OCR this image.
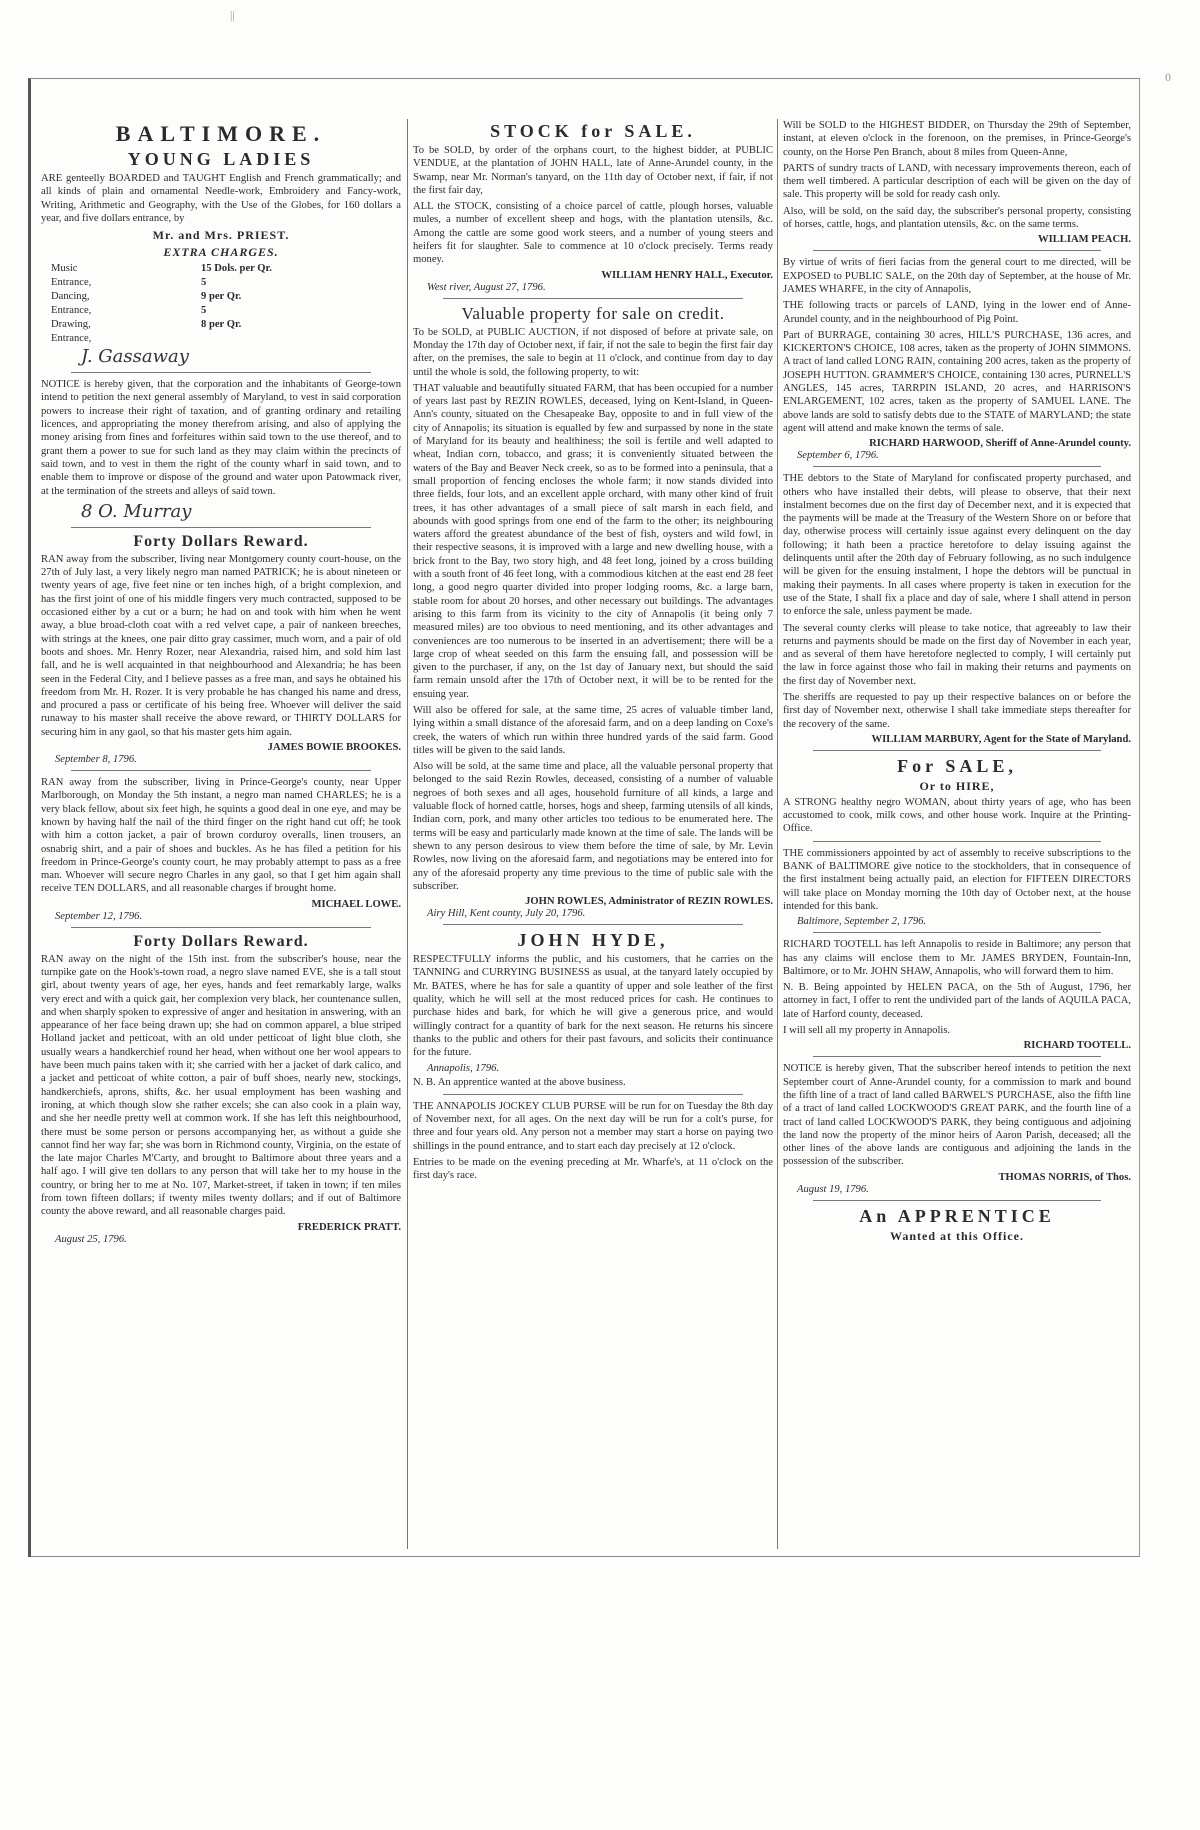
||
0
BALTIMORE.
YOUNG LADIES

ARE genteelly BOARDED and TAUGHT English and French grammatically; and all kinds of plain and ornamental Needle-work, Embroidery and Fancy-work, Writing, Arithmetic and Geography, with the Use of the Globes, for 160 dollars a year, and five dollars entrance, by

Mr. and Mrs. PRIEST.
EXTRA CHARGES.
Music	15 Dols. per Qr.
Entrance,	5
Dancing,	9 per Qr.
Entrance,	5
Drawing,	8 per Qr.
Entrance,
J. Gassaway

NOTICE is hereby given, that the corporation and the inhabitants of George-town intend to petition the next general assembly of Maryland, to vest in said corporation powers to increase their right of taxation, and of granting ordinary and retailing licences, and appropriating the money therefrom arising, and also of applying the money arising from fines and forfeitures within said town to the use thereof, and to grant them a power to sue for such land as they may claim within the precincts of said town, and to vest in them the right of the county wharf in said town, and to enable them to improve or dispose of the ground and water upon Patowmack river, at the termination of the streets and alleys of said town.

8 O. Murray
Forty Dollars Reward.

RAN away from the subscriber, living near Montgomery county court-house, on the 27th of July last, a very likely negro man named PATRICK; he is about nineteen or twenty years of age, five feet nine or ten inches high, of a bright complexion, and has the first joint of one of his middle fingers very much contracted, supposed to be occasioned either by a cut or a burn; he had on and took with him when he went away, a blue broad-cloth coat with a red velvet cape, a pair of nankeen breeches, with strings at the knees, one pair ditto gray cassimer, much worn, and a pair of old boots and shoes. Mr. Henry Rozer, near Alexandria, raised him, and sold him last fall, and he is well acquainted in that neighbourhood and Alexandria; he has been seen in the Federal City, and I believe passes as a free man, and says he obtained his freedom from Mr. H. Rozer. It is very probable he has changed his name and dress, and procured a pass or certificate of his being free. Whoever will deliver the said runaway to his master shall receive the above reward, or THIRTY DOLLARS for securing him in any gaol, so that his master gets him again.

JAMES BOWIE BROOKES.
September 8, 1796.

RAN away from the subscriber, living in Prince-George's county, near Upper Marlborough, on Monday the 5th instant, a negro man named CHARLES; he is a very black fellow, about six feet high, he squints a good deal in one eye, and may be known by having half the nail of the third finger on the right hand cut off; he took with him a cotton jacket, a pair of brown corduroy overalls, linen trousers, an osnabrig shirt, and a pair of shoes and buckles. As he has filed a petition for his freedom in Prince-George's county court, he may probably attempt to pass as a free man. Whoever will secure negro Charles in any gaol, so that I get him again shall receive TEN DOLLARS, and all reasonable charges if brought home.

MICHAEL LOWE.
September 12, 1796.
Forty Dollars Reward.

RAN away on the night of the 15th inst. from the subscriber's house, near the turnpike gate on the Hook's-town road, a negro slave named EVE, she is a tall stout girl, about twenty years of age, her eyes, hands and feet remarkably large, walks very erect and with a quick gait, her complexion very black, her countenance sullen, and when sharply spoken to expressive of anger and hesitation in answering, with an appearance of her face being drawn up; she had on common apparel, a blue striped Holland jacket and petticoat, with an old under petticoat of light blue cloth, she usually wears a handkerchief round her head, when without one her wool appears to have been much pains taken with it; she carried with her a jacket of dark calico, and a jacket and petticoat of white cotton, a pair of buff shoes, nearly new, stockings, handkerchiefs, aprons, shifts, &c. her usual employment has been washing and ironing, at which though slow she rather excels; she can also cook in a plain way, and she her needle pretty well at common work. If she has left this neighbourhood, there must be some person or persons accompanying her, as without a guide she cannot find her way far; she was born in Richmond county, Virginia, on the estate of the late major Charles M'Carty, and brought to Baltimore about three years and a half ago. I will give ten dollars to any person that will take her to my house in the country, or bring her to me at No. 107, Market-street, if taken in town; if ten miles from town fifteen dollars; if twenty miles twenty dollars; and if out of Baltimore county the above reward, and all reasonable charges paid.

FREDERICK PRATT.
August 25, 1796.
STOCK for SALE.

To be SOLD, by order of the orphans court, to the highest bidder, at PUBLIC VENDUE, at the plantation of JOHN HALL, late of Anne-Arundel county, in the Swamp, near Mr. Norman's tanyard, on the 11th day of October next, if fair, if not the first fair day,

ALL the STOCK, consisting of a choice parcel of cattle, plough horses, valuable mules, a number of excellent sheep and hogs, with the plantation utensils, &c. Among the cattle are some good work steers, and a number of young steers and heifers fit for slaughter. Sale to commence at 10 o'clock precisely. Terms ready money.

WILLIAM HENRY HALL, Executor.
West river, August 27, 1796.
Valuable property for sale on credit.

To be SOLD, at PUBLIC AUCTION, if not disposed of before at private sale, on Monday the 17th day of October next, if fair, if not the sale to begin the first fair day after, on the premises, the sale to begin at 11 o'clock, and continue from day to day until the whole is sold, the following property, to wit:

THAT valuable and beautifully situated FARM, that has been occupied for a number of years last past by REZIN ROWLES, deceased, lying on Kent-Island, in Queen-Ann's county, situated on the Chesapeake Bay, opposite to and in full view of the city of Annapolis; its situation is equalled by few and surpassed by none in the state of Maryland for its beauty and healthiness; the soil is fertile and well adapted to wheat, Indian corn, tobacco, and grass; it is conveniently situated between the waters of the Bay and Beaver Neck creek, so as to be formed into a peninsula, that a small proportion of fencing encloses the whole farm; it now stands divided into three fields, four lots, and an excellent apple orchard, with many other kind of fruit trees, it has other advantages of a small piece of salt marsh in each field, and abounds with good springs from one end of the farm to the other; its neighbouring waters afford the greatest abundance of the best of fish, oysters and wild fowl, in their respective seasons, it is improved with a large and new dwelling house, with a brick front to the Bay, two story high, and 48 feet long, joined by a cross building with a south front of 46 feet long, with a commodious kitchen at the east end 28 feet long, a good negro quarter divided into proper lodging rooms, &c. a large barn, stable room for about 20 horses, and other necessary out buildings. The advantages arising to this farm from its vicinity to the city of Annapolis (it being only 7 measured miles) are too obvious to need mentioning, and its other advantages and conveniences are too numerous to be inserted in an advertisement; there will be a large crop of wheat seeded on this farm the ensuing fall, and possession will be given to the purchaser, if any, on the 1st day of January next, but should the said farm remain unsold after the 17th of October next, it will be to be rented for the ensuing year.

Will also be offered for sale, at the same time, 25 acres of valuable timber land, lying within a small distance of the aforesaid farm, and on a deep landing on Coxe's creek, the waters of which run within three hundred yards of the said farm. Good titles will be given to the said lands.

Also will be sold, at the same time and place, all the valuable personal property that belonged to the said Rezin Rowles, deceased, consisting of a number of valuable negroes of both sexes and all ages, household furniture of all kinds, a large and valuable flock of horned cattle, horses, hogs and sheep, farming utensils of all kinds, Indian corn, pork, and many other articles too tedious to be enumerated here. The terms will be easy and particularly made known at the time of sale. The lands will be shewn to any person desirous to view them before the time of sale, by Mr. Levin Rowles, now living on the aforesaid farm, and negotiations may be entered into for any of the aforesaid property any time previous to the time of public sale with the subscriber.

JOHN ROWLES, Administrator of REZIN ROWLES.
Airy Hill, Kent county, July 20, 1796.
JOHN HYDE,

RESPECTFULLY informs the public, and his customers, that he carries on the TANNING and CURRYING BUSINESS as usual, at the tanyard lately occupied by Mr. BATES, where he has for sale a quantity of upper and sole leather of the first quality, which he will sell at the most reduced prices for cash. He continues to purchase hides and bark, for which he will give a generous price, and would willingly contract for a quantity of bark for the next season. He returns his sincere thanks to the public and others for their past favours, and solicits their continuance for the future.

Annapolis, 1796.

N. B. An apprentice wanted at the above business.

THE ANNAPOLIS JOCKEY CLUB PURSE will be run for on Tuesday the 8th day of November next, for all ages. On the next day will be run for a colt's purse, for three and four years old. Any person not a member may start a horse on paying two shillings in the pound entrance, and to start each day precisely at 12 o'clock.

Entries to be made on the evening preceding at Mr. Wharfe's, at 11 o'clock on the first day's race.

Will be SOLD to the HIGHEST BIDDER, on Thursday the 29th of September, instant, at eleven o'clock in the forenoon, on the premises, in Prince-George's county, on the Horse Pen Branch, about 8 miles from Queen-Anne,

PARTS of sundry tracts of LAND, with necessary improvements thereon, each of them well timbered. A particular description of each will be given on the day of sale. This property will be sold for ready cash only.

Also, will be sold, on the said day, the subscriber's personal property, consisting of horses, cattle, hogs, and plantation utensils, &c. on the same terms.

WILLIAM PEACH.

By virtue of writs of fieri facias from the general court to me directed, will be EXPOSED to PUBLIC SALE, on the 20th day of September, at the house of Mr. JAMES WHARFE, in the city of Annapolis,

THE following tracts or parcels of LAND, lying in the lower end of Anne-Arundel county, and in the neighbourhood of Pig Point.

Part of BURRAGE, containing 30 acres, HILL'S PURCHASE, 136 acres, and KICKERTON'S CHOICE, 108 acres, taken as the property of JOHN SIMMONS. A tract of land called LONG RAIN, containing 200 acres, taken as the property of JOSEPH HUTTON. GRAMMER'S CHOICE, containing 130 acres, PURNELL'S ANGLES, 145 acres, TARRPIN ISLAND, 20 acres, and HARRISON'S ENLARGEMENT, 102 acres, taken as the property of SAMUEL LANE. The above lands are sold to satisfy debts due to the STATE of MARYLAND; the state agent will attend and make known the terms of sale.

RICHARD HARWOOD, Sheriff of Anne-Arundel county.
September 6, 1796.

THE debtors to the State of Maryland for confiscated property purchased, and others who have installed their debts, will please to observe, that their next instalment becomes due on the first day of December next, and it is expected that the payments will be made at the Treasury of the Western Shore on or before that day, otherwise process will certainly issue against every delinquent on the day following; it hath been a practice heretofore to delay issuing against the delinquents until after the 20th day of February following, as no such indulgence will be given for the ensuing instalment, I hope the debtors will be punctual in making their payments. In all cases where property is taken in execution for the use of the State, I shall fix a place and day of sale, where I shall attend in person to enforce the sale, unless payment be made.

The several county clerks will please to take notice, that agreeably to law their returns and payments should be made on the first day of November in each year, and as several of them have heretofore neglected to comply, I will certainly put the law in force against those who fail in making their returns and payments on the first day of November next.

The sheriffs are requested to pay up their respective balances on or before the first day of November next, otherwise I shall take immediate steps thereafter for the recovery of the same.

WILLIAM MARBURY, Agent for the State of Maryland.
For SALE,
Or to HIRE,

A STRONG healthy negro WOMAN, about thirty years of age, who has been accustomed to cook, milk cows, and other house work. Inquire at the Printing-Office.

THE commissioners appointed by act of assembly to receive subscriptions to the BANK of BALTIMORE give notice to the stockholders, that in consequence of the first instalment being actually paid, an election for FIFTEEN DIRECTORS will take place on Monday morning the 10th day of October next, at the house intended for this bank.

Baltimore, September 2, 1796.

RICHARD TOOTELL has left Annapolis to reside in Baltimore; any person that has any claims will enclose them to Mr. JAMES BRYDEN, Fountain-Inn, Baltimore, or to Mr. JOHN SHAW, Annapolis, who will forward them to him.

N. B. Being appointed by HELEN PACA, on the 5th of August, 1796, her attorney in fact, I offer to rent the undivided part of the lands of AQUILA PACA, late of Harford county, deceased.

I will sell all my property in Annapolis.

RICHARD TOOTELL.

NOTICE is hereby given, That the subscriber hereof intends to petition the next September court of Anne-Arundel county, for a commission to mark and bound the fifth line of a tract of land called BARWEL'S PURCHASE, also the fifth line of a tract of land called LOCKWOOD'S GREAT PARK, and the fourth line of a tract of land called LOCKWOOD'S PARK, they being contiguous and adjoining the land now the property of the minor heirs of Aaron Parish, deceased; all the other lines of the above lands are contiguous and adjoining the lands in the possession of the subscriber.

THOMAS NORRIS, of Thos.
August 19, 1796.
An APPRENTICE
Wanted at this Office.
